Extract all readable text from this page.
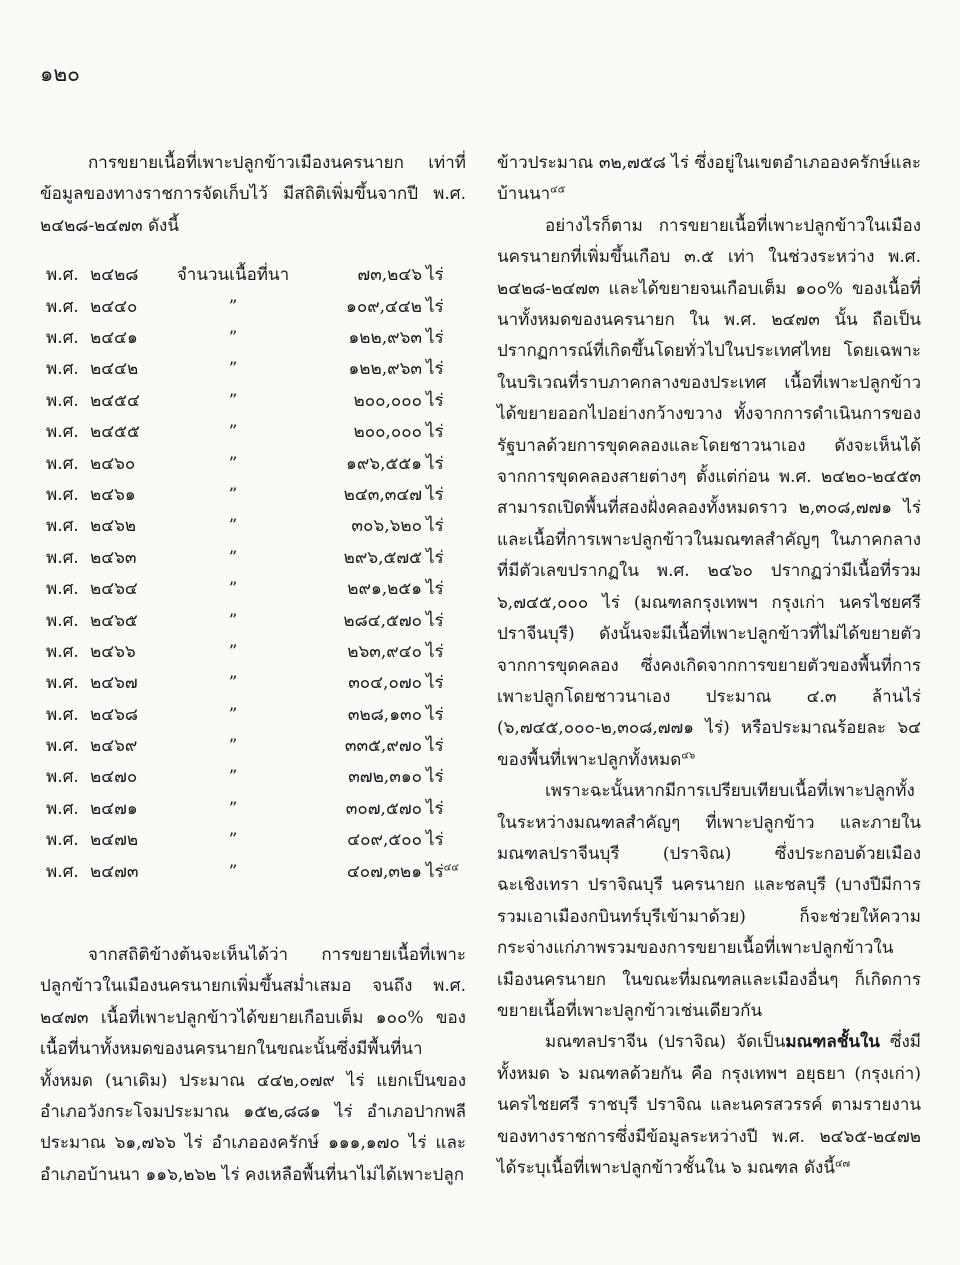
๑๒๐

การขยายเนื้อที่เพาะปลูกข้าวเมืองนครนายก เท่าที่ข้อมูลของทางราชการจัดเก็บไว้ มีสถิติเพิ่มขึ้นจากปี พ.ศ. ๒๔๒๘-๒๔๗๓ ดังนี้

พ.ศ. ๒๔๒๘	จำนวนเนื้อที่นา	๗๓,๒๔๖ ไร่
พ.ศ. ๒๔๔๐	”	๑๐๙,๔๔๒ ไร่
พ.ศ. ๒๔๔๑	”	๑๒๒,๙๖๓ ไร่
พ.ศ. ๒๔๔๒	”	๑๒๒,๙๖๓ ไร่
พ.ศ. ๒๔๕๔	”	๒๐๐,๐๐๐ ไร่
พ.ศ. ๒๔๕๕	”	๒๐๐,๐๐๐ ไร่
พ.ศ. ๒๔๖๐	”	๑๙๖,๕๕๑ ไร่
พ.ศ. ๒๔๖๑	”	๒๔๓,๓๔๗ ไร่
พ.ศ. ๒๔๖๒	”	๓๐๖,๖๒๐ ไร่
พ.ศ. ๒๔๖๓	”	๒๙๖,๕๗๕ ไร่
พ.ศ. ๒๔๖๔	”	๒๙๑,๒๕๑ ไร่
พ.ศ. ๒๔๖๕	”	๒๘๔,๕๗๐ ไร่
พ.ศ. ๒๔๖๖	”	๒๖๓,๙๔๐ ไร่
พ.ศ. ๒๔๖๗	”	๓๐๔,๐๗๐ ไร่
พ.ศ. ๒๔๖๘	”	๓๒๘,๑๓๐ ไร่
พ.ศ. ๒๔๖๙	”	๓๓๕,๙๗๐ ไร่
พ.ศ. ๒๔๗๐	”	๓๗๒,๓๑๐ ไร่
พ.ศ. ๒๔๗๑	”	๓๐๗,๕๗๐ ไร่
พ.ศ. ๒๔๗๒	”	๔๐๙,๕๐๐ ไร่
พ.ศ. ๒๔๗๓	”	๔๐๗,๓๒๑ ไร่$^{๔๔}$

จากสถิติข้างต้นจะเห็นได้ว่า การขยายเนื้อที่เพาะปลูกข้าวในเมืองนครนายกเพิ่มขึ้นสม่ำเสมอ จนถึง พ.ศ. ๒๔๗๓ เนื้อที่เพาะปลูกข้าวได้ขยายเกือบเต็ม ๑๐๐% ของเนื้อที่นาทั้งหมดของนครนายกในขณะนั้นซึ่งมีพื้นที่นาทั้งหมด (นาเดิม) ประมาณ ๔๔๒,๐๗๙ ไร่ แยกเป็นของอำเภอวังกระโจมประมาณ ๑๕๒,๘๘๑ ไร่ อำเภอปากพลีประมาณ ๖๑,๗๖๖ ไร่ อำเภอองครักษ์ ๑๑๑,๑๗๐ ไร่ และอำเภอบ้านนา ๑๑๖,๒๖๒ ไร่ คงเหลือพื้นที่นาไม่ได้เพาะปลูก

ข้าวประมาณ ๓๒,๗๕๘ ไร่ ซึ่งอยู่ในเขตอำเภอองครักษ์และบ้านนา$^{๔๕}$

อย่างไรก็ตาม การขยายเนื้อที่เพาะปลูกข้าวในเมืองนครนายกที่เพิ่มขึ้นเกือบ ๓.๕ เท่า ในช่วงระหว่าง พ.ศ. ๒๔๒๘-๒๔๗๓ และได้ขยายจนเกือบเต็ม ๑๐๐% ของเนื้อที่นาทั้งหมดของนครนายก ใน พ.ศ. ๒๔๗๓ นั้น ถือเป็นปรากฏการณ์ที่เกิดขึ้นโดยทั่วไปในประเทศไทย โดยเฉพาะในบริเวณที่ราบภาคกลางของประเทศ เนื้อที่เพาะปลูกข้าวได้ขยายออกไปอย่างกว้างขวาง ทั้งจากการดำเนินการของรัฐบาลด้วยการขุดคลองและโดยชาวนาเอง ดังจะเห็นได้จากการขุดคลองสายต่างๆ ตั้งแต่ก่อน พ.ศ. ๒๔๒๐-๒๔๕๓ สามารถเปิดพื้นที่สองฝั่งคลองทั้งหมดราว ๒,๓๐๘,๗๗๑ ไร่ และเนื้อที่การเพาะปลูกข้าวในมณฑลสำคัญๆ ในภาคกลาง ที่มีตัวเลขปรากฏใน พ.ศ. ๒๔๖๐ ปรากฏว่ามีเนื้อที่รวม ๖,๗๔๕,๐๐๐ ไร่ (มณฑลกรุงเทพฯ กรุงเก่า นครไชยศรี ปราจีนบุรี) ดังนั้นจะมีเนื้อที่เพาะปลูกข้าวที่ไม่ได้ขยายตัวจากการขุดคลอง ซึ่งคงเกิดจากการขยายตัวของพื้นที่การเพาะปลูกโดยชาวนาเอง ประมาณ ๔.๓ ล้านไร่ (๖,๗๔๕,๐๐๐-๒,๓๐๘,๗๗๑ ไร่) หรือประมาณร้อยละ ๖๔ ของพื้นที่เพาะปลูกทั้งหมด$^{๔๖}$

เพราะฉะนั้นหากมีการเปรียบเทียบเนื้อที่เพาะปลูกทั้งในระหว่างมณฑลสำคัญๆ ที่เพาะปลูกข้าว และภายในมณฑลปราจีนบุรี (ปราจิณ) ซึ่งประกอบด้วยเมืองฉะเชิงเทรา ปราจิณบุรี นครนายก และชลบุรี (บางปีมีการรวมเอาเมืองกบินทร์บุรีเข้ามาด้วย) ก็จะช่วยให้ความกระจ่างแก่ภาพรวมของการขยายเนื้อที่เพาะปลูกข้าวในเมืองนครนายก ในขณะที่มณฑลและเมืองอื่นๆ ก็เกิดการขยายเนื้อที่เพาะปลูกข้าวเช่นเดียวกัน

มณฑลปราจีน (ปราจิณ) จัดเป็นมณฑลชั้นใน ซึ่งมีทั้งหมด ๖ มณฑลด้วยกัน คือ กรุงเทพฯ อยุธยา (กรุงเก่า) นครไชยศรี ราชบุรี ปราจิณ และนครสวรรค์ ตามรายงานของทางราชการซึ่งมีข้อมูลระหว่างปี พ.ศ. ๒๔๖๕-๒๔๗๒ ได้ระบุเนื้อที่เพาะปลูกข้าวชั้นใน ๖ มณฑล ดังนี้$^{๔๗}$
